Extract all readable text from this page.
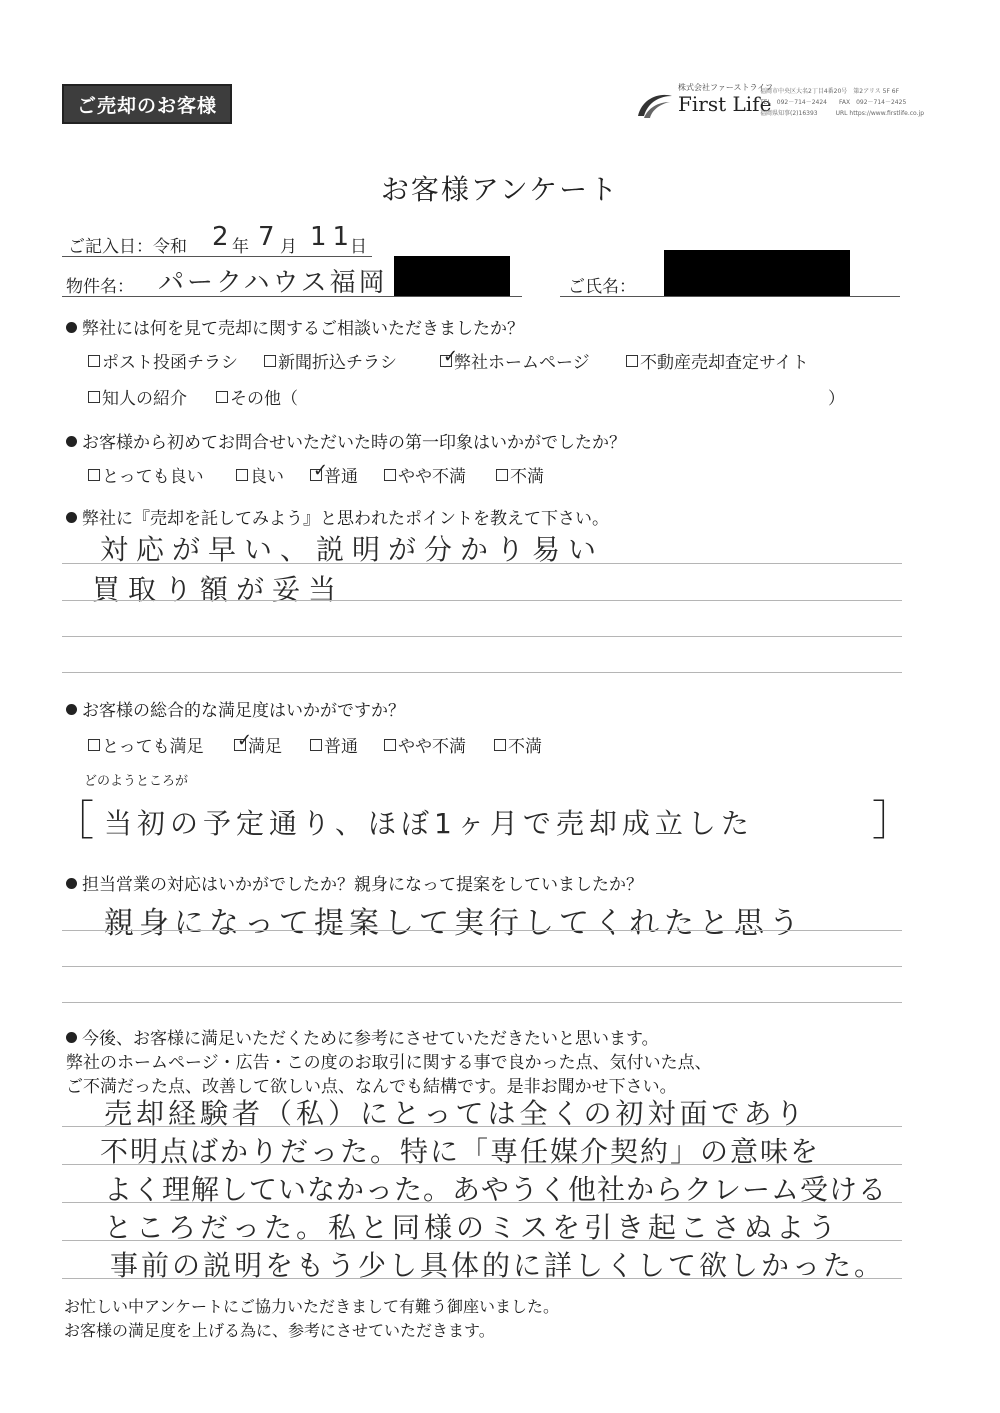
ご売却のお客様
株式会社ファーストライフ
First Life
福岡市中央区大名2丁目4番20号　第2アリス 5F 6F
TEL　092－714－2424　　FAX　092－714－2425
福岡県知事(2)16393　　　URL https://www.firstlife.co.jp
お客様アンケート
ご記入日：令和 2
年 7 月 11
日
物件名： パークハウス福岡	ご氏名：
弊社には何を見て売却に関するご相談いただきましたか？
ポスト投函チラシ 新聞折込チラシ	✓
弊社ホームページ	不動産売却査定サイト
知人の紹介	その他（	）
お客様から初めてお問合せいただいた時の第一印象はいかがでしたか？
とっても良い	良い ✓
普通 やや不満	不満
弊社に『売却を託してみよう』と思われたポイントを教えて下さい。
対応が早い、説明が分かり易い
買取り額が妥当
お客様の総合的な満足度はいかがですか？
とっても満足 ✓
満足 普通 やや不満 不満
どのようところが
［ 当初の予定通り、ほぼ1ヶ月で売却成立した	］
担当営業の対応はいかがでしたか？親身になって提案をしていましたか？
親身になって提案して実行してくれたと思う
今後、お客様に満足いただくために参考にさせていただきたいと思います。
弊社のホームページ・広告・この度のお取引に関する事で良かった点、気付いた点、
ご不満だった点、改善して欲しい点、なんでも結構です。是非お聞かせ下さい。
売却経験者（私）にとっては全くの初対面であり
不明点ばかりだった。特に「専任媒介契約」の意味を
よく理解していなかった。あやうく他社からクレーム受ける
ところだった。私と同様のミスを引き起こさぬよう
事前の説明をもう少し具体的に詳しくして欲しかった。
お忙しい中アンケートにご協力いただきまして有難う御座いました。
お客様の満足度を上げる為に、参考にさせていただきます。
